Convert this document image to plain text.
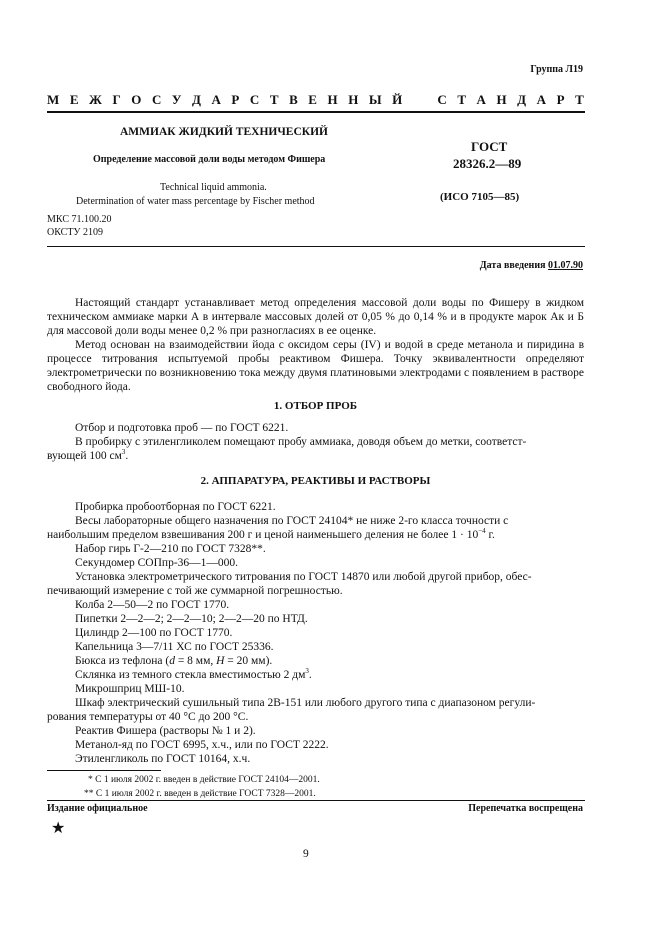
Группа Л19
М Е Ж Г О С У Д А Р С Т В Е Н Н Ы Й	С Т А Н Д А Р Т
АММИАК ЖИДКИЙ ТЕХНИЧЕСКИЙ
Определение массовой доли воды методом Фишера
Technical liquid ammonia.
Determination of water mass percentage by Fischer method
МКС 71.100.20
ОКСТУ 2109
ГОСТ
28326.2—89
(ИСО 7105—85)
Дата введения 01.07.90

Настоящий стандарт устанавливает метод определения массовой доли воды по Фишеру в жидком техническом аммиаке марки А в интервале массовых долей от 0,05 % до 0,14 % и в продукте марок Ак и Б для массовой доли воды менее 0,2 % при разногласиях в ее оценке.

Метод основан на взаимодействии йода с оксидом серы (IV) и водой в среде метанола и пиридина в процессе титрования испытуемой пробы реактивом Фишера. Точку эквивалентности определяют электрометрически по возникновению тока между двумя платиновыми электродами с появлением в растворе свободного йода.

1. ОТБОР ПРОБ
Отбор и подготовка проб — по ГОСТ 6221.
В пробирку с этиленгликолем помещают пробу аммиака, доводя объем до метки, соответст-
вующей 100 $см^3$.
2. АППАРАТУРА, РЕАКТИВЫ И РАСТВОРЫ
Пробирка пробоотборная по ГОСТ 6221.
Весы лабораторные общего назначения по ГОСТ 24104* не ниже 2-го класса точности с
наибольшим пределом взвешивания 200 г и ценой наименьшего деления не более $1 \cdot 10^{-4}$ г.
Набор гирь Г-2—210 по ГОСТ 7328**.
Секундомер СОПпр-36—1—000.
Установка электрометрического титрования по ГОСТ 14870 или любой другой прибор, обес-
печивающий измерение с той же суммарной погрешностью.
Колба 2—50—2 по ГОСТ 1770.
Пипетки 2—2—2; 2—2—10; 2—2—20 по НТД.
Цилиндр 2—100 по ГОСТ 1770.
Капельница 3—7/11 ХС по ГОСТ 25336.
Бюкса из тефлона (d = 8 мм, H = 20 мм).
Склянка из темного стекла вместимостью 2 $дм^3$.
Микрошприц МШ-10.
Шкаф электрический сушильный типа 2В-151 или любого другого типа с диапазоном регули-
рования температуры от 40 °С до 200 °С.
Реактив Фишера (растворы № 1 и 2).
Метанол-яд по ГОСТ 6995, х.ч., или по ГОСТ 2222.
Этиленгликоль по ГОСТ 10164, х.ч.
* С 1 июля 2002 г. введен в действие ГОСТ 24104—2001.
** С 1 июля 2002 г. введен в действие ГОСТ 7328—2001.
Издание официальное	Перепечатка воспрещена
★
9
